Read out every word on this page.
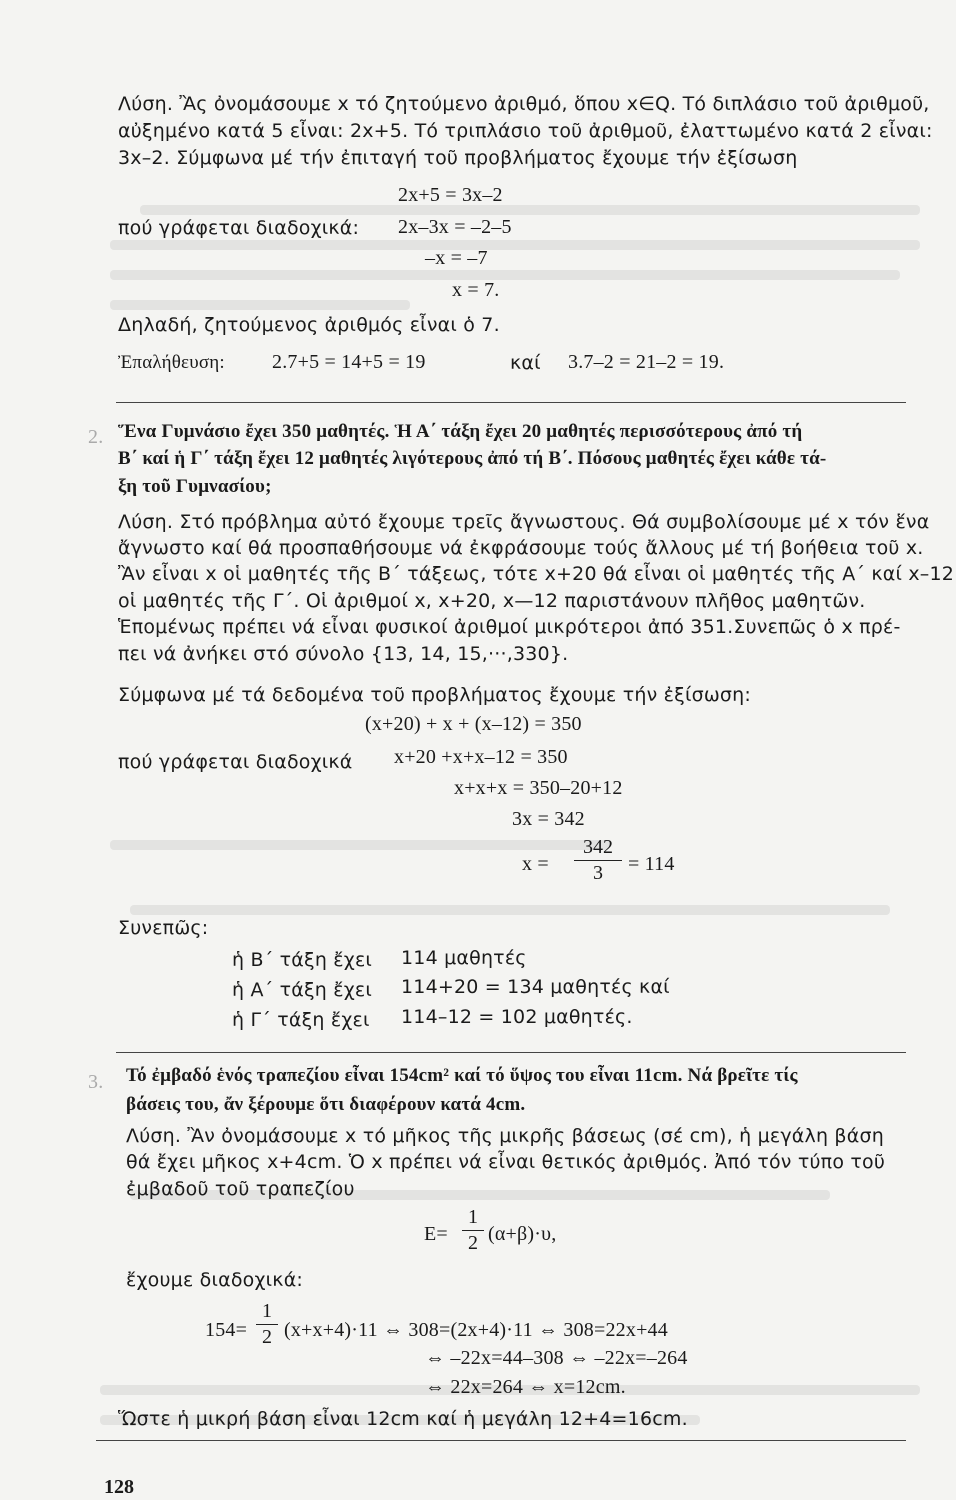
Λύση. Ἂς ὀνομάσουμε x τό ζητούμενο ἀριθμό, ὅπου x∈Q. Τό διπλάσιο τοῦ ἀριθμοῦ,
αὐξημένο κατά 5 εἶναι: 2x+5. Τό τριπλάσιο τοῦ ἀριθμοῦ, ἐλαττωμένο κατά 2 εἶναι:
3x–2. Σύμφωνα μέ τήν ἐπιταγή τοῦ προβλήματος ἔχουμε τήν ἐξίσωση
2x+5 = 3x–2
πού γράφεται διαδοχικά: 2x–3x = –2–5
–x = –7
x = 7.
Δηλαδή, ζητούμενος ἀριθμός εἶναι ὁ 7.
Ἐπαλήθευση: 2.7+5 = 14+5 = 19	καί 3.7–2 = 21–2 = 19.
2. Ἕνα Γυμνάσιο ἔχει 350 μαθητές. Ἡ Α΄ τάξη ἔχει 20 μαθητές περισσότερους ἀπό τή
Β΄ καί ἡ Γ΄ τάξη ἔχει 12 μαθητές λιγότερους ἀπό τή Β΄. Πόσους μαθητές ἔχει κάθε τά-
ξη τοῦ Γυμνασίου;
Λύση. Στό πρόβλημα αὐτό ἔχουμε τρεῖς ἄγνωστους. Θά συμβολίσουμε μέ x τόν ἕνα
ἄγνωστο καί θά προσπαθήσουμε νά ἐκφράσουμε τούς ἄλλους μέ τή βοήθεια τοῦ x.
Ἂν εἶναι x οἱ μαθητές τῆς Β΄ τάξεως, τότε x+20 θά εἶναι οἱ μαθητές τῆς Α΄ καί x–12
οἱ μαθητές τῆς Γ΄. Οἱ ἀριθμοί x, x+20, x—12 παριστάνουν πλῆθος μαθητῶν.
Ἑπομένως πρέπει νά εἶναι φυσικοί ἀριθμοί μικρότεροι ἀπό 351.Συνεπῶς ὁ x πρέ-
πει νά ἀνήκει στό σύνολο {13, 14, 15,···,330}.
Σύμφωνα μέ τά δεδομένα τοῦ προβλήματος ἔχουμε τήν ἐξίσωση:
(x+20) + x + (x–12) = 350
πού γράφεται διαδοχικά x+20 +x+x–12 = 350
x+x+x = 350–20+12
3x = 342
x =
342
3	= 114
Συνεπῶς:
ἡ Β΄ τάξη ἔχει 114 μαθητές
ἡ Α΄ τάξη ἔχει 114+20 = 134 μαθητές καί
ἡ Γ΄ τάξη ἔχει 114–12 = 102 μαθητές.
3. Τό ἐμβαδό ἑνός τραπεζίου εἶναι 154cm² καί τό ὕψος του εἶναι 11cm. Νά βρεῖτε τίς
βάσεις του, ἄν ξέρουμε ὅτι διαφέρουν κατά 4cm.
Λύση. Ἂν ὀνομάσουμε x τό μῆκος τῆς μικρῆς βάσεως (σέ cm), ἡ μεγάλη βάση
θά ἔχει μῆκος x+4cm. Ὁ x πρέπει νά εἶναι θετικός ἀριθμός. Ἀπό τόν τύπο τοῦ
ἐμβαδοῦ τοῦ τραπεζίου
E=
1
2 (α+β)·υ,
ἔχουμε διαδοχικά:
154=
1
2 (x+x+4)·11 ⇔ 308=(2x+4)·11 ⇔ 308=22x+44
⇔ –22x=44–308 ⇔ –22x=–264
⇔ 22x=264 ⇔ x=12cm.
Ὥστε ἡ μικρή βάση εἶναι 12cm καί ἡ μεγάλη 12+4=16cm.
128
